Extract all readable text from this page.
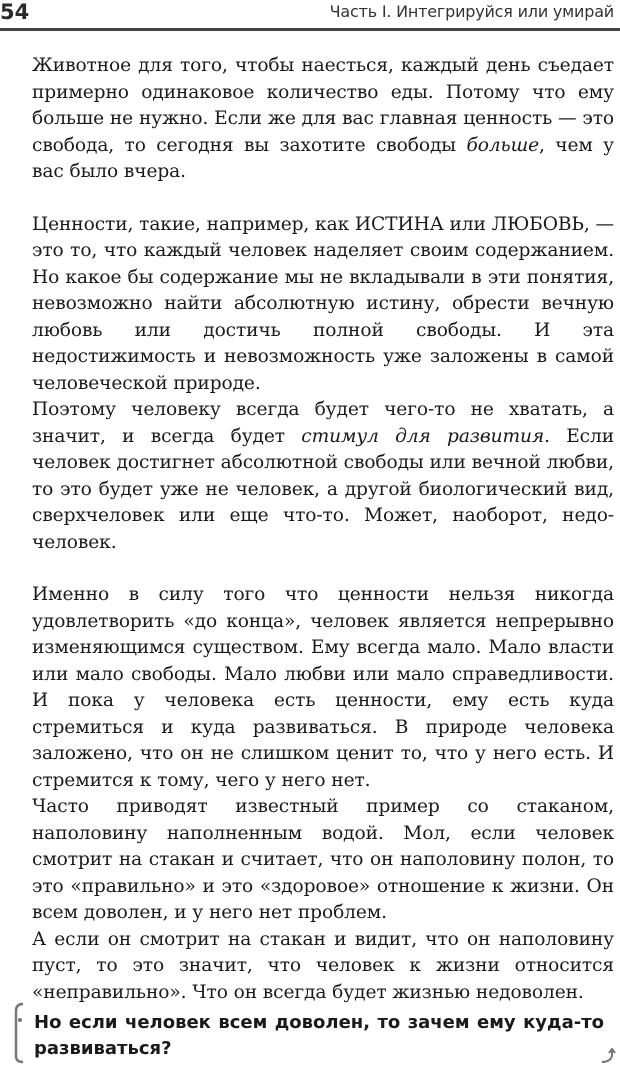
54	Часть I. Интегрируйся или умирай

Животное для того, чтобы наесться, каждый день съедает примерно одинаковое количество еды. Потому что ему больше не нужно. Если же для вас главная ценность — это свобода, то сегодня вы захотите свободы больше, чем у вас было вчера.

Ценности, такие, например, как ИСТИНА или ЛЮБОВЬ, — это то, что каждый человек наделяет своим содержанием. Но какое бы содержание мы не вкладывали в эти понятия, невозможно найти абсолютную истину, обрести вечную любовь или достичь полной свободы. И эта недостижимость и невозможность уже заложены в самой человеческой природе.

Поэтому человеку всегда будет чего-то не хватать, а значит, и всегда будет стимул для развития. Если человек достигнет абсолютной свободы или вечной любви, то это будет уже не человек, а другой биологический вид, сверхчеловек или еще что-то. Может, наоборот, недо-человек.

Именно в силу того что ценности нельзя никогда удовлетворить «до конца», человек является непрерывно изменяющимся существом. Ему всегда мало. Мало власти или мало свободы. Мало любви или мало справедливости. И пока у человека есть ценности, ему есть куда стремиться и куда развиваться. В природе человека заложено, что он не слишком ценит то, что у него есть. И стремится к тому, чего у него нет.

Часто приводят известный пример со стаканом, наполовину наполненным водой. Мол, если человек смотрит на стакан и считает, что он наполовину полон, то это «правильно» и это «здоровое» отношение к жизни. Он всем доволен, и у него нет проблем.

А если он смотрит на стакан и видит, что он наполовину пуст, то это значит, что человек к жизни относится «неправильно». Что он всегда будет жизнью недоволен.

Но если человек всем доволен, то зачем ему куда-то развиваться?
